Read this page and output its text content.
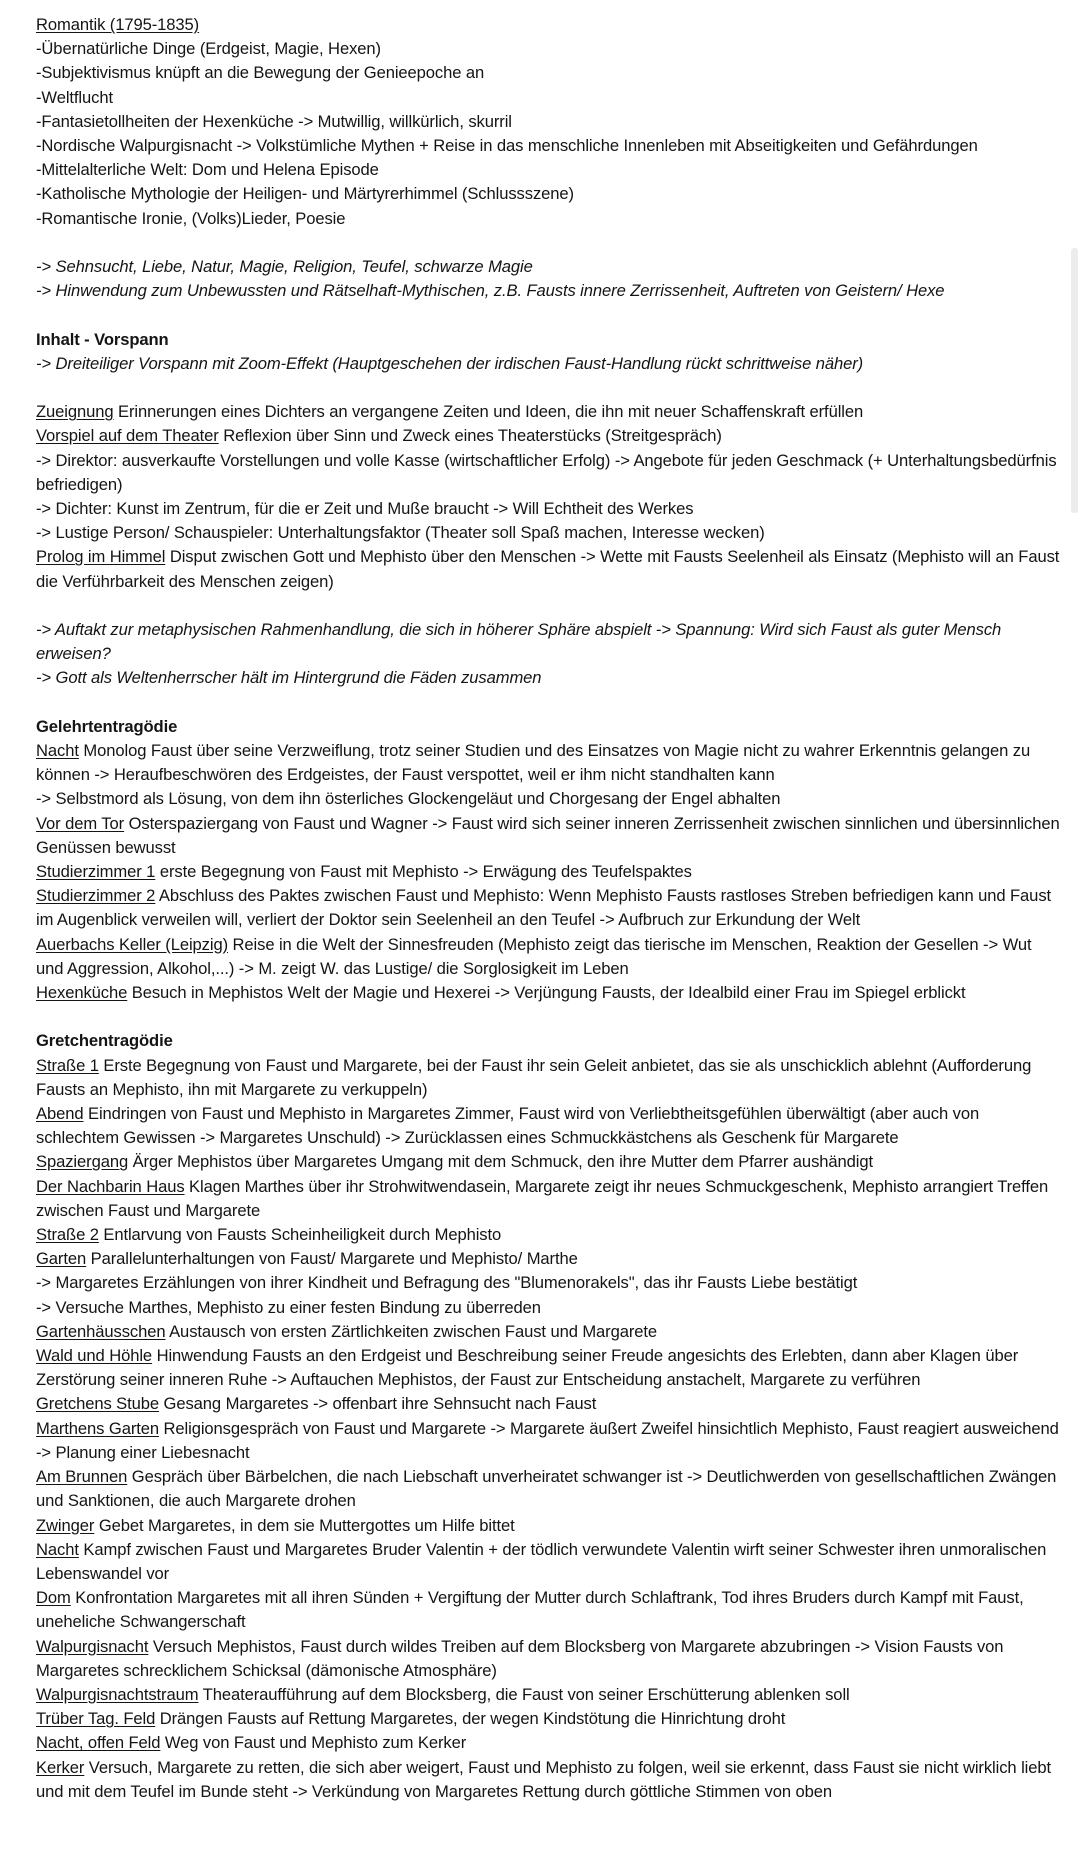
Romantik (1795-1835)

-Übernatürliche Dinge (Erdgeist, Magie, Hexen)

-Subjektivismus knüpft an die Bewegung der Genieepoche an

-Weltflucht

-Fantasietollheiten der Hexenküche -> Mutwillig, willkürlich, skurril

-Nordische Walpurgisnacht -> Volkstümliche Mythen + Reise in das menschliche Innenleben mit Abseitigkeiten und Gefährdungen

-Mittelalterliche Welt: Dom und Helena Episode

-Katholische Mythologie der Heiligen- und Märtyrerhimmel (Schlussszene)

-Romantische Ironie, (Volks)Lieder, Poesie

-> Sehnsucht, Liebe, Natur, Magie, Religion, Teufel, schwarze Magie

-> Hinwendung zum Unbewussten und Rätselhaft-Mythischen, z.B. Fausts innere Zerrissenheit, Auftreten von Geistern/ Hexe

Inhalt - Vorspann

-> Dreiteiliger Vorspann mit Zoom-Effekt (Hauptgeschehen der irdischen Faust-Handlung rückt schrittweise näher)

Zueignung Erinnerungen eines Dichters an vergangene Zeiten und Ideen, die ihn mit neuer Schaffenskraft erfüllen

Vorspiel auf dem Theater Reflexion über Sinn und Zweck eines Theaterstücks (Streitgespräch)

-> Direktor: ausverkaufte Vorstellungen und volle Kasse (wirtschaftlicher Erfolg) -> Angebote für jeden Geschmack (+ Unterhaltungsbedürfnis befriedigen)

-> Dichter: Kunst im Zentrum, für die er Zeit und Muße braucht -> Will Echtheit des Werkes

-> Lustige Person/ Schauspieler: Unterhaltungsfaktor (Theater soll Spaß machen, Interesse wecken)

Prolog im Himmel Disput zwischen Gott und Mephisto über den Menschen -> Wette mit Fausts Seelenheil als Einsatz (Mephisto will an Faust die Verführbarkeit des Menschen zeigen)

-> Auftakt zur metaphysischen Rahmenhandlung, die sich in höherer Sphäre abspielt -> Spannung: Wird sich Faust als guter Mensch erweisen?

-> Gott als Weltenherrscher hält im Hintergrund die Fäden zusammen

Gelehrtentragödie

Nacht Monolog Faust über seine Verzweiflung, trotz seiner Studien und des Einsatzes von Magie nicht zu wahrer Erkenntnis gelangen zu können -> Heraufbeschwören des Erdgeistes, der Faust verspottet, weil er ihm nicht standhalten kann

-> Selbstmord als Lösung, von dem ihn österliches Glockengeläut und Chorgesang der Engel abhalten

Vor dem Tor Osterspaziergang von Faust und Wagner -> Faust wird sich seiner inneren Zerrissenheit zwischen sinnlichen und übersinnlichen Genüssen bewusst

Studierzimmer 1 erste Begegnung von Faust mit Mephisto -> Erwägung des Teufelspaktes

Studierzimmer 2 Abschluss des Paktes zwischen Faust und Mephisto: Wenn Mephisto Fausts rastloses Streben befriedigen kann und Faust im Augenblick verweilen will, verliert der Doktor sein Seelenheil an den Teufel -> Aufbruch zur Erkundung der Welt

Auerbachs Keller (Leipzig) Reise in die Welt der Sinnesfreuden (Mephisto zeigt das tierische im Menschen, Reaktion der Gesellen -> Wut und Aggression, Alkohol,...) -> M. zeigt W. das Lustige/ die Sorglosigkeit im Leben

Hexenküche Besuch in Mephistos Welt der Magie und Hexerei -> Verjüngung Fausts, der Idealbild einer Frau im Spiegel erblickt

Gretchentragödie

Straße 1 Erste Begegnung von Faust und Margarete, bei der Faust ihr sein Geleit anbietet, das sie als unschicklich ablehnt (Aufforderung Fausts an Mephisto, ihn mit Margarete zu verkuppeln)

Abend Eindringen von Faust und Mephisto in Margaretes Zimmer, Faust wird von Verliebtheitsgefühlen überwältigt (aber auch von schlechtem Gewissen -> Margaretes Unschuld) -> Zurücklassen eines Schmuckkästchens als Geschenk für Margarete

Spaziergang Ärger Mephistos über Margaretes Umgang mit dem Schmuck, den ihre Mutter dem Pfarrer aushändigt

Der Nachbarin Haus Klagen Marthes über ihr Strohwitwendasein, Margarete zeigt ihr neues Schmuckgeschenk, Mephisto arrangiert Treffen zwischen Faust und Margarete

Straße 2 Entlarvung von Fausts Scheinheiligkeit durch Mephisto

Garten Parallelunterhaltungen von Faust/ Margarete und Mephisto/ Marthe

-> Margaretes Erzählungen von ihrer Kindheit und Befragung des "Blumenorakels", das ihr Fausts Liebe bestätigt

-> Versuche Marthes, Mephisto zu einer festen Bindung zu überreden

Gartenhäusschen Austausch von ersten Zärtlichkeiten zwischen Faust und Margarete

Wald und Höhle Hinwendung Fausts an den Erdgeist und Beschreibung seiner Freude angesichts des Erlebten, dann aber Klagen über Zerstörung seiner inneren Ruhe -> Auftauchen Mephistos, der Faust zur Entscheidung anstachelt, Margarete zu verführen

Gretchens Stube Gesang Margaretes -> offenbart ihre Sehnsucht nach Faust

Marthens Garten Religionsgespräch von Faust und Margarete -> Margarete äußert Zweifel hinsichtlich Mephisto, Faust reagiert ausweichend -> Planung einer Liebesnacht

Am Brunnen Gespräch über Bärbelchen, die nach Liebschaft unverheiratet schwanger ist -> Deutlichwerden von gesellschaftlichen Zwängen und Sanktionen, die auch Margarete drohen

Zwinger Gebet Margaretes, in dem sie Muttergottes um Hilfe bittet

Nacht Kampf zwischen Faust und Margaretes Bruder Valentin + der tödlich verwundete Valentin wirft seiner Schwester ihren unmoralischen Lebenswandel vor

Dom Konfrontation Margaretes mit all ihren Sünden + Vergiftung der Mutter durch Schlaftrank, Tod ihres Bruders durch Kampf mit Faust, uneheliche Schwangerschaft

Walpurgisnacht Versuch Mephistos, Faust durch wildes Treiben auf dem Blocksberg von Margarete abzubringen -> Vision Fausts von Margaretes schrecklichem Schicksal (dämonische Atmosphäre)

Walpurgisnachtstraum Theateraufführung auf dem Blocksberg, die Faust von seiner Erschütterung ablenken soll

Trüber Tag. Feld Drängen Fausts auf Rettung Margaretes, der wegen Kindstötung die Hinrichtung droht

Nacht, offen Feld Weg von Faust und Mephisto zum Kerker

Kerker Versuch, Margarete zu retten, die sich aber weigert, Faust und Mephisto zu folgen, weil sie erkennt, dass Faust sie nicht wirklich liebt und mit dem Teufel im Bunde steht -> Verkündung von Margaretes Rettung durch göttliche Stimmen von oben
